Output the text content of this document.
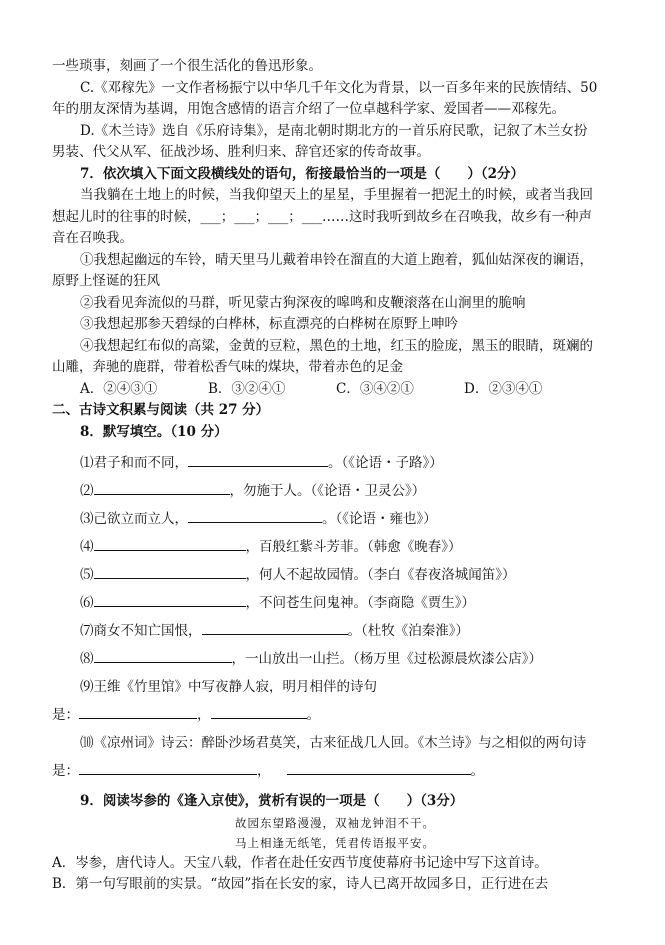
一些琐事，刻画了一个很生活化的鲁迅形象。

C.《邓稼先》一文作者杨振宁以中华几千年文化为背景，以一百多年来的民族情结、50

年的朋友深情为基调，用饱含感情的语言介绍了一位卓越科学家、爱国者——邓稼先。

D.《木兰诗》选自《乐府诗集》，是南北朝时期北方的一首乐府民歌，记叙了木兰女扮

男装、代父从军、征战沙场、胜利归来、辞官还家的传奇故事。

7．依次填入下面文段横线处的语句，衔接最恰当的一项是（　　）（2分）

当我躺在土地上的时候，当我仰望天上的星星，手里握着一把泥土的时候，或者当我回

想起儿时的往事的时候，___；___；___；___……这时我听到故乡在召唤我，故乡有一种声

音在召唤我。

①我想起幽远的车铃，晴天里马儿戴着串铃在溜直的大道上跑着，狐仙姑深夜的谰语，

原野上怪诞的狂风

②我看见奔流似的马群，听见蒙古狗深夜的嗥鸣和皮鞭滚落在山涧里的脆响

③我想起那参天碧绿的白桦林，标直漂亮的白桦树在原野上呻吟

④我想起红布似的高粱，金黄的豆粒，黑色的土地，红玉的脸庞，黑玉的眼睛，斑斓的

山雕，奔驰的鹿群，带着松香气味的煤块，带着赤色的足金

A．②④③①	B．③②④①	C．③④②①	D．②③④①

二、古诗文积累与阅读（共 27 分）

8．默写填空。（10 分）

⑴君子和而不同，	。（《论语・子路》）

⑵	，勿施于人。（《论语・卫灵公》）

⑶己欲立而立人，	。（《论语・雍也》）

⑷	，百般红紫斗芳菲。（韩愈《晚春》）

⑸	，何人不起故园情。（李白《春夜洛城闻笛》）

⑹	，不问苍生问鬼神。（李商隐《贾生》）

⑺商女不知亡国恨，	。（杜牧《泊秦淮》）

⑻	，一山放出一山拦。（杨万里《过松源晨炊漆公店》）

⑼王维《竹里馆》中写夜静人寂，明月相伴的诗句

是：	，	。

⑽《凉州词》诗云：醉卧沙场君莫笑，古来征战几人回。《木兰诗》与之相似的两句诗

是：	，	。

9．阅读岑参的《逢入京使》，赏析有误的一项是（　　）（3分）

故园东望路漫漫，双袖龙钟泪不干。

马上相逢无纸笔，凭君传语报平安。

A．岑参，唐代诗人。天宝八载，作者在赴任安西节度使幕府书记途中写下这首诗。

B．第一句写眼前的实景。“故园”指在长安的家，诗人已离开故园多日，正行进在去
